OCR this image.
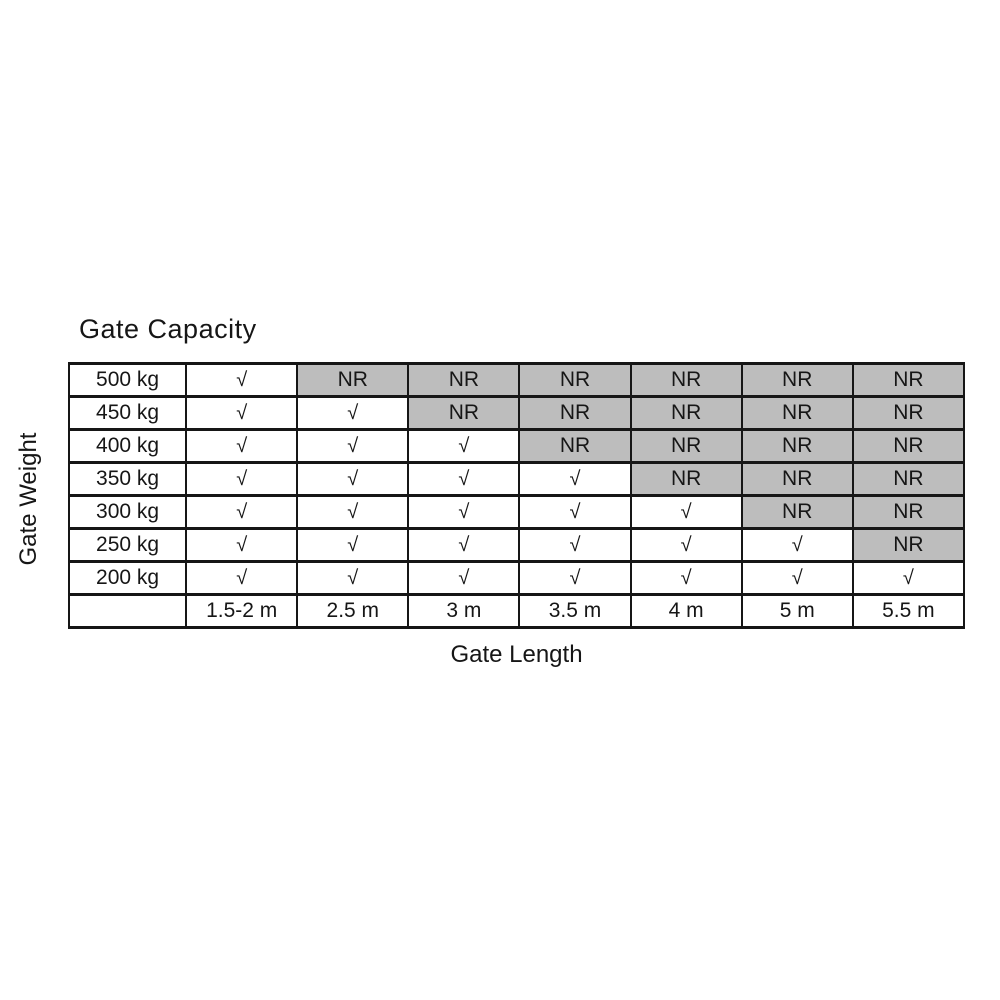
Gate Capacity
500 kg	√	NR	NR	NR	NR	NR	NR
450 kg	√	√	NR	NR	NR	NR	NR
400 kg	√	√	√	NR	NR	NR	NR
350 kg	√	√	√	√	NR	NR	NR
300 kg	√	√	√	√	√	NR	NR
250 kg	√	√	√	√	√	√	NR
200 kg	√	√	√	√	√	√	√
	1.5-2 m	2.5 m	3 m	3.5 m	4 m	5 m	5.5 m
Gate Length
Gate Weight
